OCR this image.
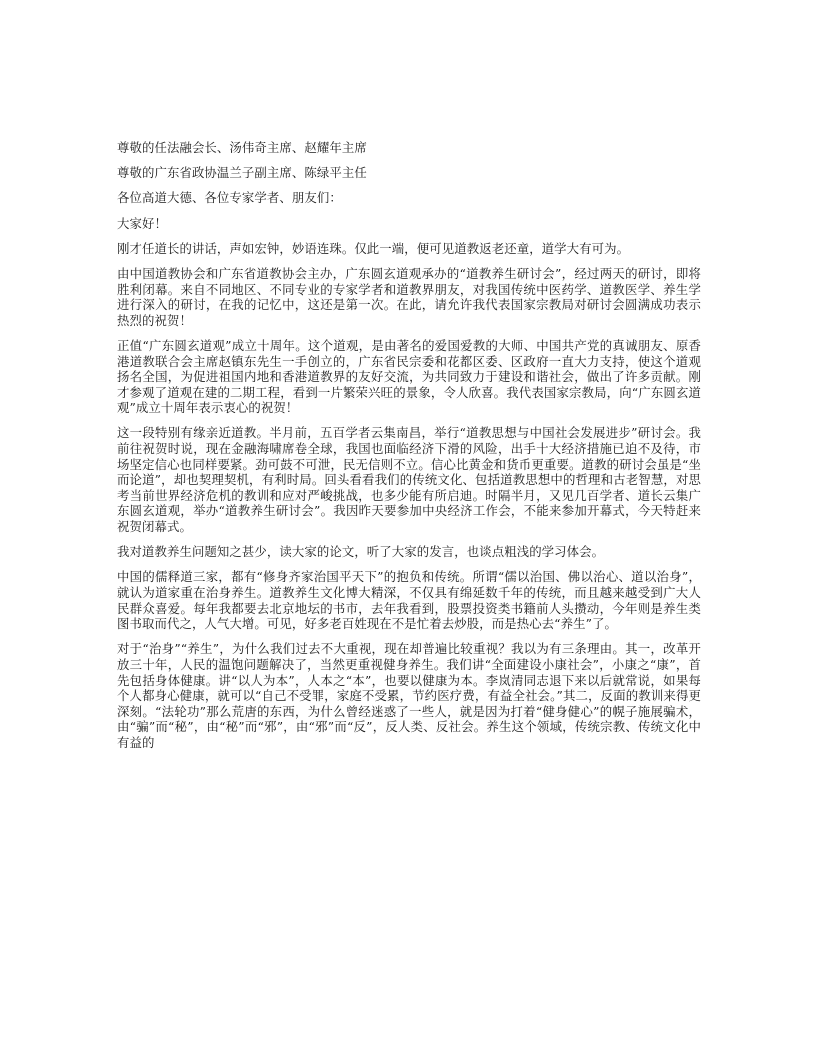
尊敬的任法融会长、汤伟奇主席、赵耀年主席

尊敬的广东省政协温兰子副主席、陈绿平主任

各位高道大德、各位专家学者、朋友们：

大家好！

刚才任道长的讲话，声如宏钟，妙语连珠。仅此一端，便可见道教返老还童，道学大有可为。

由中国道教协会和广东省道教协会主办，广东圆玄道观承办的“道教养生研讨会”，经过两天的研讨，即将胜利闭幕。来自不同地区、不同专业的专家学者和道教界朋友，对我国传统中医药学、道教医学、养生学进行深入的研讨，在我的记忆中，这还是第一次。在此，请允许我代表国家宗教局对研讨会圆满成功表示热烈的祝贺！

正值“广东圆玄道观”成立十周年。这个道观，是由著名的爱国爱教的大师、中国共产党的真诚朋友、原香港道教联合会主席赵镇东先生一手创立的，广东省民宗委和花都区委、区政府一直大力支持，使这个道观扬名全国，为促进祖国内地和香港道教界的友好交流，为共同致力于建设和谐社会，做出了许多贡献。刚才参观了道观在建的二期工程，看到一片繁荣兴旺的景象，令人欣喜。我代表国家宗教局，向“广东圆玄道观”成立十周年表示衷心的祝贺！

这一段特别有缘亲近道教。半月前，五百学者云集南昌，举行“道教思想与中国社会发展进步”研讨会。我前往祝贺时说，现在金融海啸席卷全球，我国也面临经济下滑的风险，出手十大经济措施已迫不及待，市场坚定信心也同样要紧。劲可鼓不可泄，民无信则不立。信心比黄金和货币更重要。道教的研讨会虽是“坐而论道”，却也契理契机，有利时局。回头看看我们的传统文化、包括道教思想中的哲理和古老智慧，对思考当前世界经济危机的教训和应对严峻挑战，也多少能有所启迪。时隔半月，又见几百学者、道长云集广东圆玄道观，举办“道教养生研讨会”。我因昨天要参加中央经济工作会，不能来参加开幕式，今天特赶来祝贺闭幕式。

我对道教养生问题知之甚少，读大家的论文，听了大家的发言，也谈点粗浅的学习体会。

中国的儒释道三家，都有“修身齐家治国平天下”的抱负和传统。所谓“儒以治国、佛以治心、道以治身”，就认为道家重在治身养生。道教养生文化博大精深，不仅具有绵延数千年的传统，而且越来越受到广大人民群众喜爱。每年我都要去北京地坛的书市，去年我看到，股票投资类书籍前人头攒动，今年则是养生类图书取而代之，人气大增。可见，好多老百姓现在不是忙着去炒股，而是热心去“养生”了。

对于“治身”“养生”，为什么我们过去不大重视，现在却普遍比较重视？我以为有三条理由。其一，改革开放三十年，人民的温饱问题解决了，当然更重视健身养生。我们讲“全面建设小康社会”，小康之“康”，首先包括身体健康。讲“以人为本”，人本之“本”，也要以健康为本。李岚清同志退下来以后就常说，如果每个人都身心健康，就可以“自己不受罪，家庭不受累，节约医疗费，有益全社会。”其二，反面的教训来得更深刻。“法轮功”那么荒唐的东西，为什么曾经迷惑了一些人，就是因为打着“健身健心”的幌子施展骗术，由“骗”而“秘”，由“秘”而“邪”，由“邪”而“反”，反人类、反社会。养生这个领域，传统宗教、传统文化中有益的
